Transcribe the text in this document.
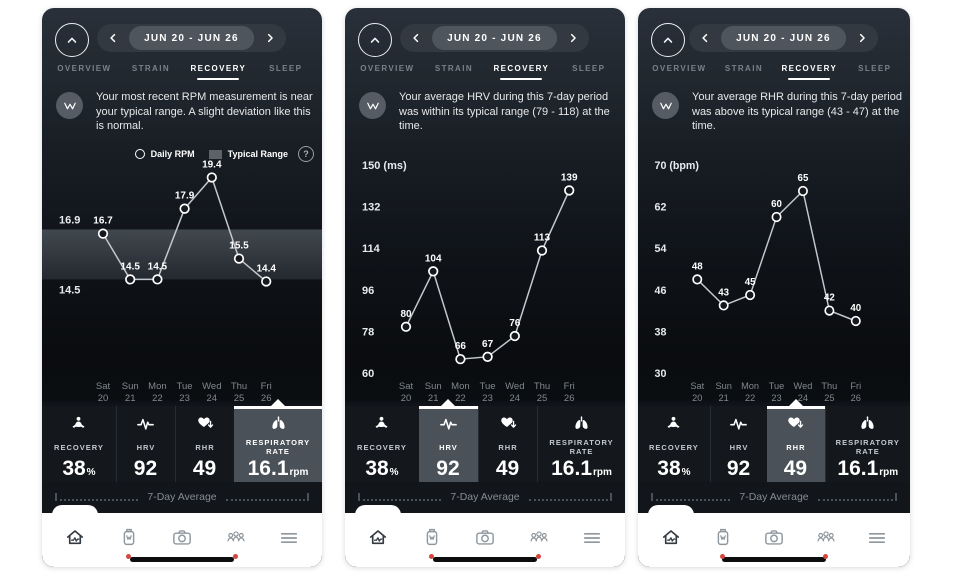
JUN 20 - JUN 26
OVERVIEW	STRAIN	RECOVERY	SLEEP

Your most recent RPM measurement is near your typical range. A slight deviation like this is normal.

Daily RPM	Typical Range	?
16.9
14.5
16.7
14.5 14.5
17.9
19.4
15.5
14.4
Sat
20
Sun
21
Mon
22
Tue
23
Wed
24
Thu
25
Fri
26
RECOVERY
38%
HRV
92
RHR
49
RESPIRATORY RATE
16.1rpm
7-Day Average
JUN 20 - JUN 26
OVERVIEW	STRAIN	RECOVERY	SLEEP

Your average HRV during this 7-day period was within its typical range (79 - 118) at the time.

150 (ms)
132
114
96
78
60
80
104
66 67
76
113
139
Sat
20
Sun
21
Mon
22
Tue
23
Wed
24
Thu
25
Fri
26
RECOVERY
38%
HRV
92
RHR
49
RESPIRATORY RATE
16.1rpm
7-Day Average
JUN 20 - JUN 26
OVERVIEW STRAIN RECOVERY	SLEEP

Your average RHR during this 7-day period was above its typical range (43 - 47) at the time.

70 (bpm)
62
54
46
38
30
48
43
45
60
65
42
40
Sat
20
Sun
21
Mon
22
Tue
23
Wed
24
Thu
25
Fri
26
RECOVERY
38%
HRV
92
RHR
49
RESPIRATORY RATE
16.1rpm
7-Day Average
